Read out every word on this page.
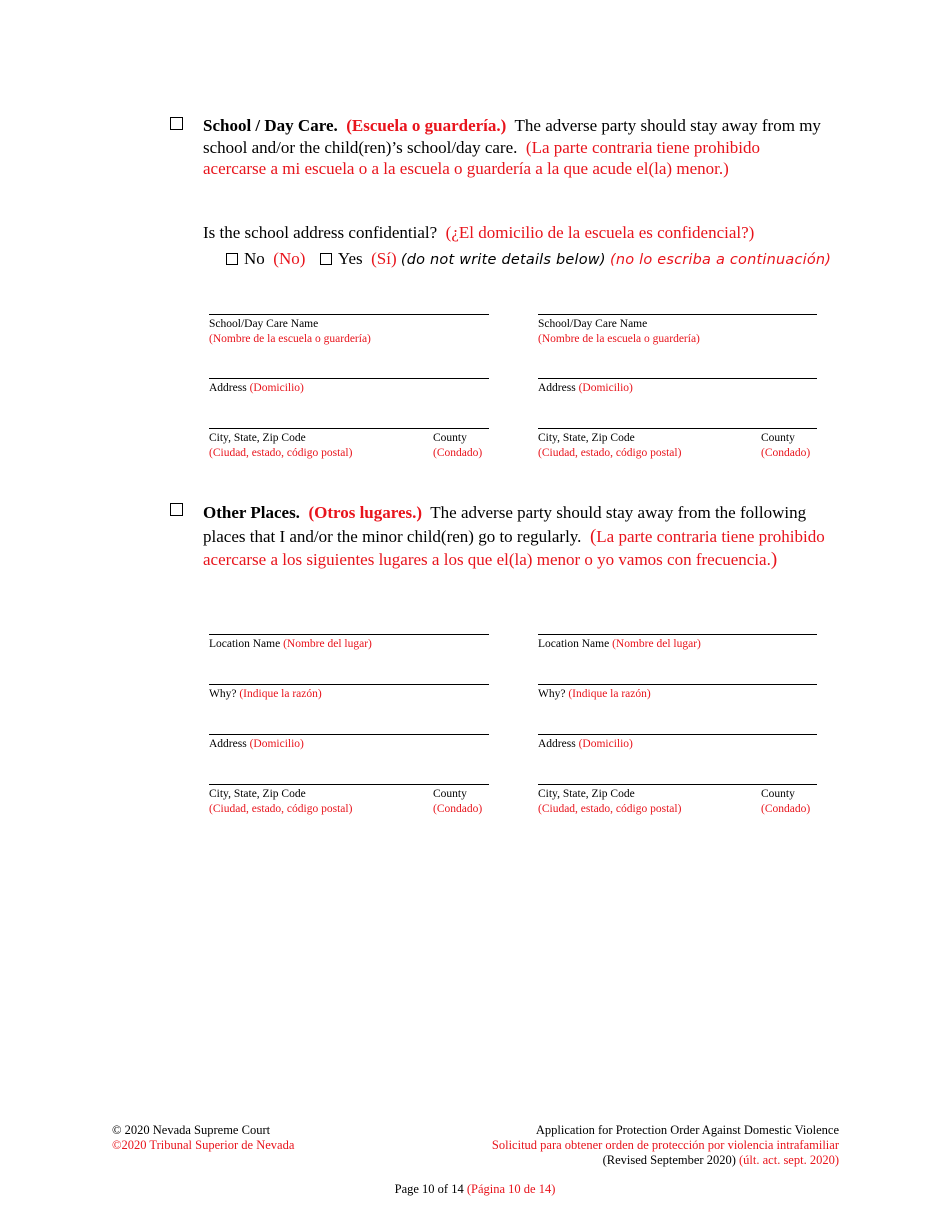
School / Day Care. (Escuela o guardería.) The adverse party should stay away from my school and/or the child(ren)’s school/day care. (La parte contraria tiene prohibido acercarse a mi escuela o a la escuela o guardería a la que acude el(la) menor.)
Is the school address confidential? (¿El domicilio de la escuela es confidencial?)
No (No) Yes (Sí) (do not write details below) (no lo escriba a continuación)
School/Day Care Name
(Nombre de la escuela o guardería)
Address (Domicilio)
City, State, Zip Code
(Ciudad, estado, código postal)
County
(Condado)
School/Day Care Name
(Nombre de la escuela o guardería)
Address (Domicilio)
City, State, Zip Code
(Ciudad, estado, código postal)
County
(Condado)
Other Places. (Otros lugares.) The adverse party should stay away from the following places that I and/or the minor child(ren) go to regularly. (La parte contraria tiene prohibido acercarse a los siguientes lugares a los que el(la) menor o yo vamos con frecuencia.)
Location Name (Nombre del lugar)
Why? (Indique la razón)
Address (Domicilio)
City, State, Zip Code
(Ciudad, estado, código postal)
County
(Condado)
Location Name (Nombre del lugar)
Why? (Indique la razón)
Address (Domicilio)
City, State, Zip Code
(Ciudad, estado, código postal)
County
(Condado)
© 2020 Nevada Supreme Court
©2020 Tribunal Superior de Nevada
Application for Protection Order Against Domestic Violence
Solicitud para obtener orden de protección por violencia intrafamiliar
(Revised September 2020) (últ. act. sept. 2020)
Page 10 of 14 (Página 10 de 14)
